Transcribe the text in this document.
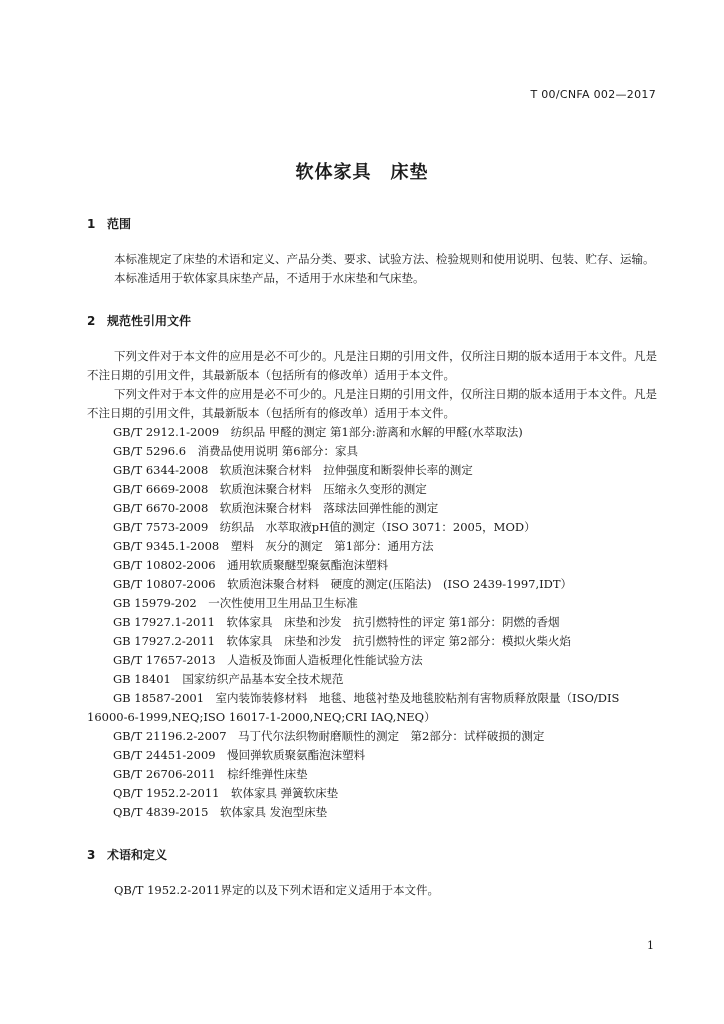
T 00/CNFA 002—2017
软体家具　床垫
1 范围

本标准规定了床垫的术语和定义、产品分类、要求、试验方法、检验规则和使用说明、包装、贮存、运输。

本标准适用于软体家具床垫产品，不适用于水床垫和气床垫。

2 规范性引用文件

下列文件对于本文件的应用是必不可少的。凡是注日期的引用文件，仅所注日期的版本适用于本文件。凡是不注日期的引用文件，其最新版本（包括所有的修改单）适用于本文件。

下列文件对于本文件的应用是必不可少的。凡是注日期的引用文件，仅所注日期的版本适用于本文件。凡是不注日期的引用文件，其最新版本（包括所有的修改单）适用于本文件。

GB/T 2912.1-2009　纺织品 甲醛的测定 第1部分:游离和水解的甲醛(水萃取法)

GB/T 5296.6　消费品使用说明 第6部分：家具

GB/T 6344-2008　软质泡沫聚合材料　拉伸强度和断裂伸长率的测定

GB/T 6669-2008　软质泡沫聚合材料　压缩永久变形的测定

GB/T 6670-2008　软质泡沫聚合材料　落球法回弹性能的测定

GB/T 7573-2009　纺织品　水萃取液pH值的测定（ISO 3071：2005，MOD）

GB/T 9345.1-2008　塑料　灰分的测定　第1部分：通用方法

GB/T 10802-2006　通用软质聚醚型聚氨酯泡沫塑料

GB/T 10807-2006　软质泡沫聚合材料　硬度的测定(压陷法)　(ISO 2439-1997,IDT）

GB 15979-202　一次性使用卫生用品卫生标准

GB 17927.1-2011　软体家具　床垫和沙发　抗引燃特性的评定 第1部分：阴燃的香烟

GB 17927.2-2011　软体家具　床垫和沙发　抗引燃特性的评定 第2部分：模拟火柴火焰

GB/T 17657-2013　人造板及饰面人造板理化性能试验方法

GB 18401　国家纺织产品基本安全技术规范

GB 18587-2001　室内装饰装修材料　地毯、地毯衬垫及地毯胶粘剂有害物质释放限量（ISO/DIS

16000-6-1999,NEQ;ISO 16017-1-2000,NEQ;CRI IAQ,NEQ）

GB/T 21196.2-2007　马丁代尔法织物耐磨顺性的测定　第2部分：试样破损的测定

GB/T 24451-2009　慢回弹软质聚氨酯泡沫塑料

GB/T 26706-2011　棕纤维弹性床垫

QB/T 1952.2-2011　软体家具 弹簧软床垫

QB/T 4839-2015　软体家具 发泡型床垫

3 术语和定义

QB/T 1952.2-2011界定的以及下列术语和定义适用于本文件。

1
